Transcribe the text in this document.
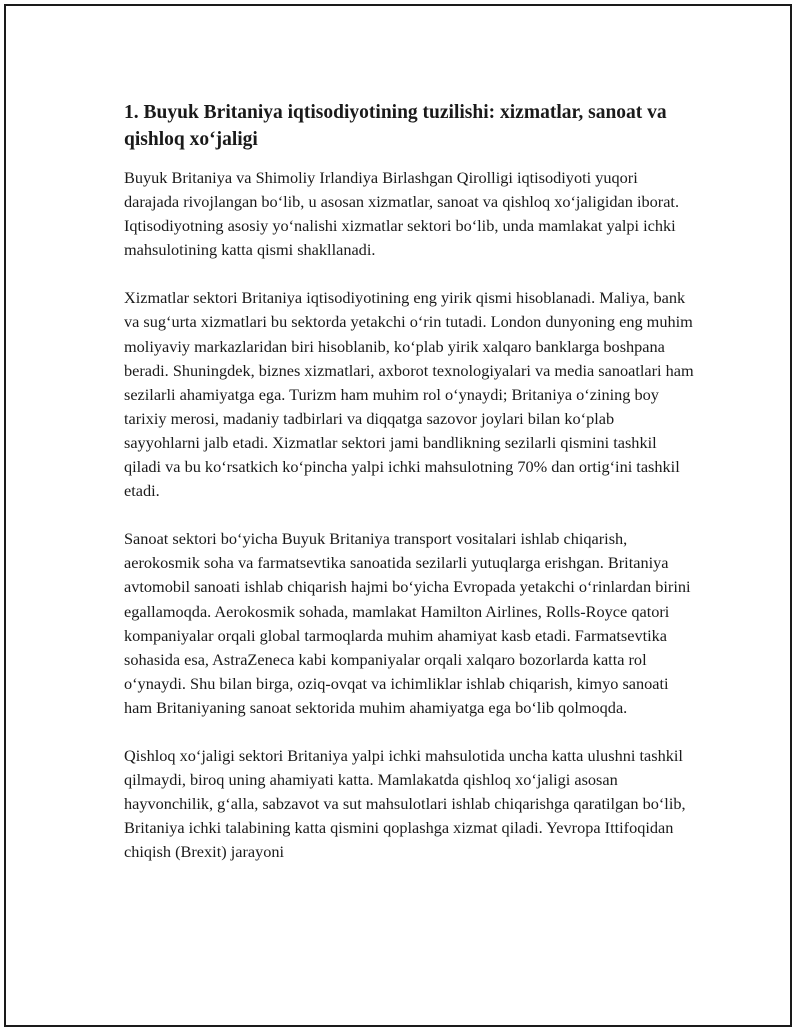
1. Buyuk Britaniya iqtisodiyotining tuzilishi: xizmatlar, sanoat va qishloq xo‘jaligi

Buyuk Britaniya va Shimoliy Irlandiya Birlashgan Qirolligi iqtisodiyoti yuqori darajada rivojlangan bo‘lib, u asosan xizmatlar, sanoat va qishloq xo‘jaligidan iborat. Iqtisodiyotning asosiy yo‘nalishi xizmatlar sektori bo‘lib, unda mamlakat yalpi ichki mahsulotining katta qismi shakllanadi.

Xizmatlar sektori Britaniya iqtisodiyotining eng yirik qismi hisoblanadi. Maliya, bank va sug‘urta xizmatlari bu sektorda yetakchi o‘rin tutadi. London dunyoning eng muhim moliyaviy markazlaridan biri hisoblanib, ko‘plab yirik xalqaro banklarga boshpana beradi. Shuningdek, biznes xizmatlari, axborot texnologiyalari va media sanoatlari ham sezilarli ahamiyatga ega. Turizm ham muhim rol o‘ynaydi; Britaniya o‘zining boy tarixiy merosi, madaniy tadbirlari va diqqatga sazovor joylari bilan ko‘plab sayyohlarni jalb etadi. Xizmatlar sektori jami bandlikning sezilarli qismini tashkil qiladi va bu ko‘rsatkich ko‘pincha yalpi ichki mahsulotning 70% dan ortig‘ini tashkil etadi.

Sanoat sektori bo‘yicha Buyuk Britaniya transport vositalari ishlab chiqarish, aerokosmik soha va farmatsevtika sanoatida sezilarli yutuqlarga erishgan. Britaniya avtomobil sanoati ishlab chiqarish hajmi bo‘yicha Evropada yetakchi o‘rinlardan birini egallamoqda. Aerokosmik sohada, mamlakat Hamilton Airlines, Rolls-Royce qatori kompaniyalar orqali global tarmoqlarda muhim ahamiyat kasb etadi. Farmatsevtika sohasida esa, AstraZeneca kabi kompaniyalar orqali xalqaro bozorlarda katta rol o‘ynaydi. Shu bilan birga, oziq-ovqat va ichimliklar ishlab chiqarish, kimyo sanoati ham Britaniyaning sanoat sektorida muhim ahamiyatga ega bo‘lib qolmoqda.

Qishloq xo‘jaligi sektori Britaniya yalpi ichki mahsulotida uncha katta ulushni tashkil qilmaydi, biroq uning ahamiyati katta. Mamlakatda qishloq xo‘jaligi asosan hayvonchilik, g‘alla, sabzavot va sut mahsulotlari ishlab chiqarishga qaratilgan bo‘lib, Britaniya ichki talabining katta qismini qoplashga xizmat qiladi. Yevropa Ittifoqidan chiqish (Brexit) jarayoni
